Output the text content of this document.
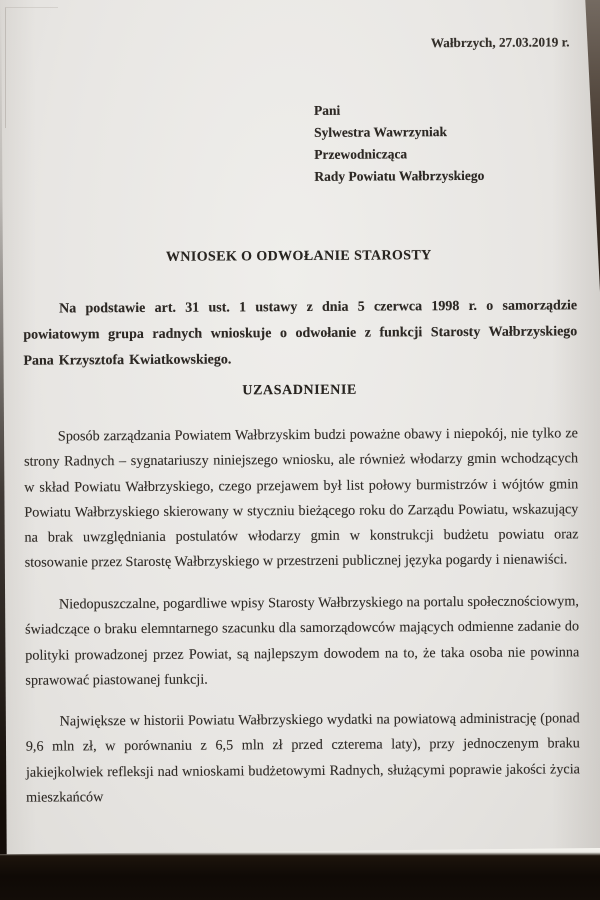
Wałbrzych, 27.03.2019 r.
Pani
Sylwestra Wawrzyniak
Przewodnicząca
Rady Powiatu Wałbrzyskiego
WNIOSEK O ODWOŁANIE STAROSTY

Na podstawie art. 31 ust. 1 ustawy z dnia 5 czerwca 1998 r. o samorządzie powiatowym grupa radnych wnioskuje o odwołanie z funkcji Starosty Wałbrzyskiego Pana Krzysztofa Kwiatkowskiego.

UZASADNIENIE

Sposób zarządzania Powiatem Wałbrzyskim budzi poważne obawy i niepokój, nie tylko ze strony Radnych – sygnatariuszy niniejszego wniosku, ale również włodarzy gmin wchodzących w skład Powiatu Wałbrzyskiego, czego przejawem był list połowy burmistrzów i wójtów gmin Powiatu Wałbrzyskiego skierowany w styczniu bieżącego roku do Zarządu Powiatu, wskazujący na brak uwzględniania postulatów włodarzy gmin w konstrukcji budżetu powiatu oraz stosowanie przez Starostę Wałbrzyskiego w przestrzeni publicznej języka pogardy i nienawiści.

Niedopuszczalne, pogardliwe wpisy Starosty Wałbrzyskiego na portalu społecznościowym, świadczące o braku elemntarnego szacunku dla samorządowców mających odmienne zadanie do polityki prowadzonej przez Powiat, są najlepszym dowodem na to, że taka osoba nie powinna sprawować piastowanej funkcji.

Największe w historii Powiatu Wałbrzyskiego wydatki na powiatową administrację (ponad 9,6 mln zł, w porównaniu z 6,5 mln zł przed czterema laty), przy jednoczenym braku jakiejkolwiek refleksji nad wnioskami budżetowymi Radnych, służącymi poprawie jakości życia mieszkańców
